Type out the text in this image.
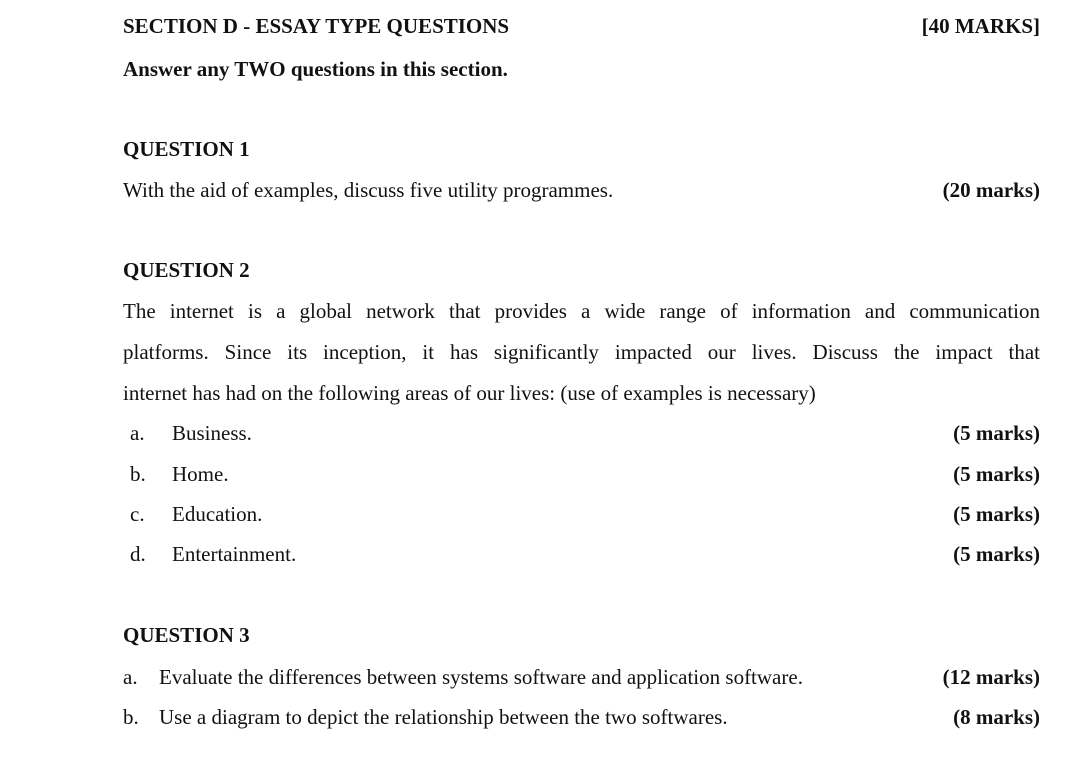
SECTION D - ESSAY TYPE QUESTIONS	[40 MARKS]
Answer any TWO questions in this section.
QUESTION 1
With the aid of examples, discuss five utility programmes.	(20 marks)
QUESTION 2
The internet is a global network that provides a wide range of information and communication
platforms. Since its inception, it has significantly impacted our lives. Discuss the impact that
internet has had on the following areas of our lives: (use of examples is necessary)
a.	Business.	(5 marks)
b.	Home.	(5 marks)
c.	Education.	(5 marks)
d.	Entertainment.	(5 marks)
QUESTION 3
a.	Evaluate the differences between systems software and application software.	(12 marks)
b. Use a diagram to depict the relationship between the two softwares.	(8 marks)
